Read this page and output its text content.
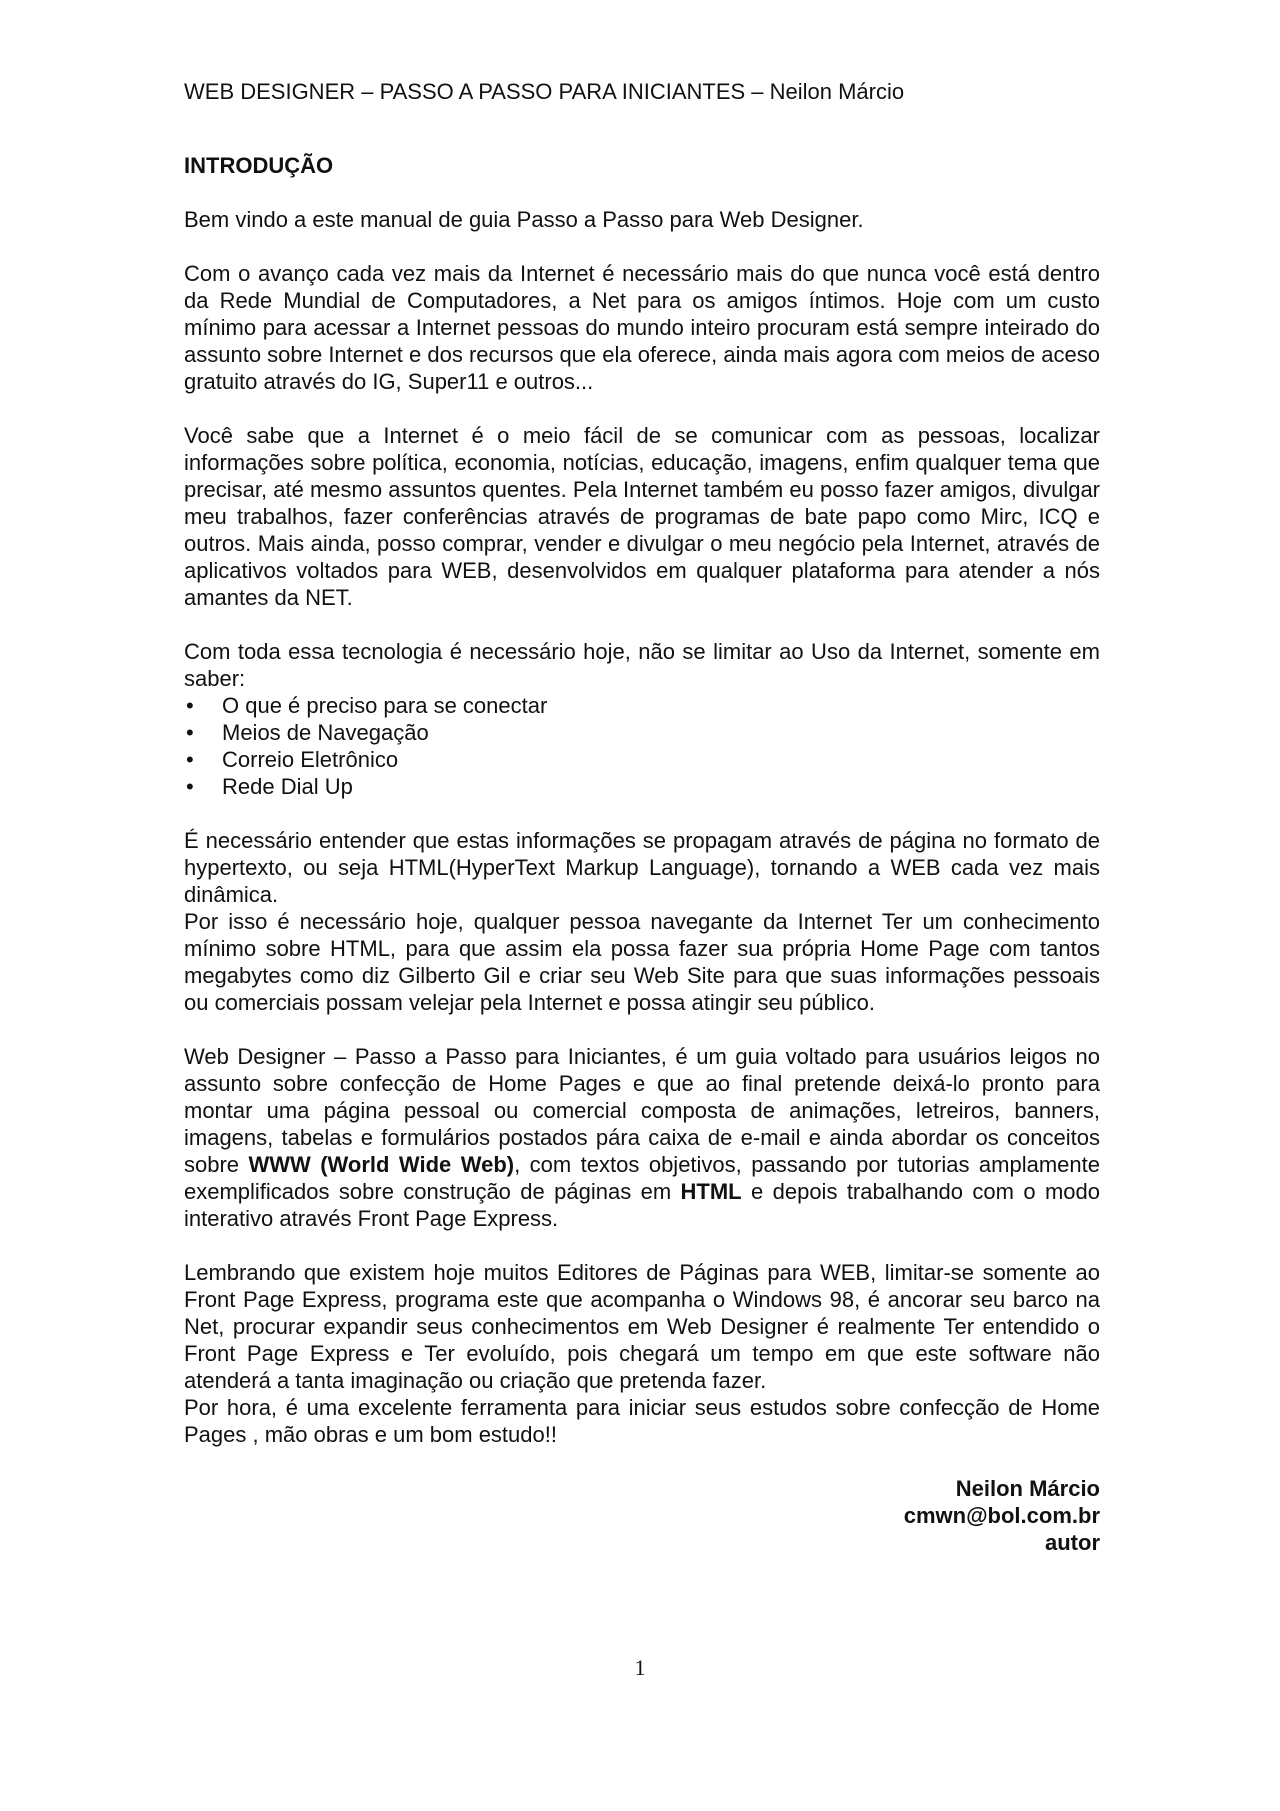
WEB DESIGNER – PASSO A PASSO PARA INICIANTES – Neilon Márcio
INTRODUÇÃO

Bem vindo a este manual de guia Passo a Passo para Web Designer.

Com o avanço cada vez mais da Internet é necessário mais do que nunca você está dentro da Rede Mundial de Computadores, a Net para os amigos íntimos. Hoje com um custo mínimo para acessar a Internet pessoas do mundo inteiro procuram está sempre inteirado do assunto sobre Internet e dos recursos que ela oferece, ainda mais agora com meios de aceso gratuito através do IG, Super11 e outros...

Você sabe que a Internet é o meio fácil de se comunicar com as pessoas, localizar informações sobre política, economia, notícias, educação, imagens, enfim qualquer tema que precisar, até mesmo assuntos quentes. Pela Internet também eu posso fazer amigos, divulgar meu trabalhos, fazer conferências através de programas de bate papo como Mirc, ICQ e outros. Mais ainda, posso comprar, vender e divulgar o meu negócio pela Internet, através de aplicativos voltados para WEB, desenvolvidos em qualquer plataforma para atender a nós amantes da NET.

Com toda essa tecnologia é necessário hoje, não se limitar ao Uso da Internet, somente em saber:

• O que é preciso para se conectar
• Meios de Navegação
• Correio Eletrônico
• Rede Dial Up

É necessário entender que estas informações se propagam através de página no formato de hypertexto, ou seja HTML(HyperText Markup Language), tornando a WEB cada vez mais dinâmica.

Por isso é necessário hoje, qualquer pessoa navegante da Internet Ter um conhecimento mínimo sobre HTML, para que assim ela possa fazer sua própria Home Page com tantos megabytes como diz Gilberto Gil e criar seu Web Site para que suas informações pessoais ou comerciais possam velejar pela Internet e possa atingir seu público.

Web Designer – Passo a Passo para Iniciantes, é um guia voltado para usuários leigos no assunto sobre confecção de Home Pages e que ao final pretende deixá-lo pronto para montar uma página pessoal ou comercial composta de animações, letreiros, banners, imagens, tabelas e formulários postados pára caixa de e-mail e ainda abordar os conceitos sobre WWW (World Wide Web), com textos objetivos, passando por tutorias amplamente exemplificados sobre construção de páginas em HTML e depois trabalhando com o modo interativo através Front Page Express.

Lembrando que existem hoje muitos Editores de Páginas para WEB, limitar-se somente ao Front Page Express, programa este que acompanha o Windows 98, é ancorar seu barco na Net, procurar expandir seus conhecimentos em Web Designer é realmente Ter entendido o Front Page Express e Ter evoluído, pois chegará um tempo em que este software não atenderá a tanta imaginação ou criação que pretenda fazer.

Por hora, é uma excelente ferramenta para iniciar seus estudos sobre confecção de Home Pages , mão obras e um bom estudo!!

Neilon Márcio
cmwn@bol.com.br
autor
1
